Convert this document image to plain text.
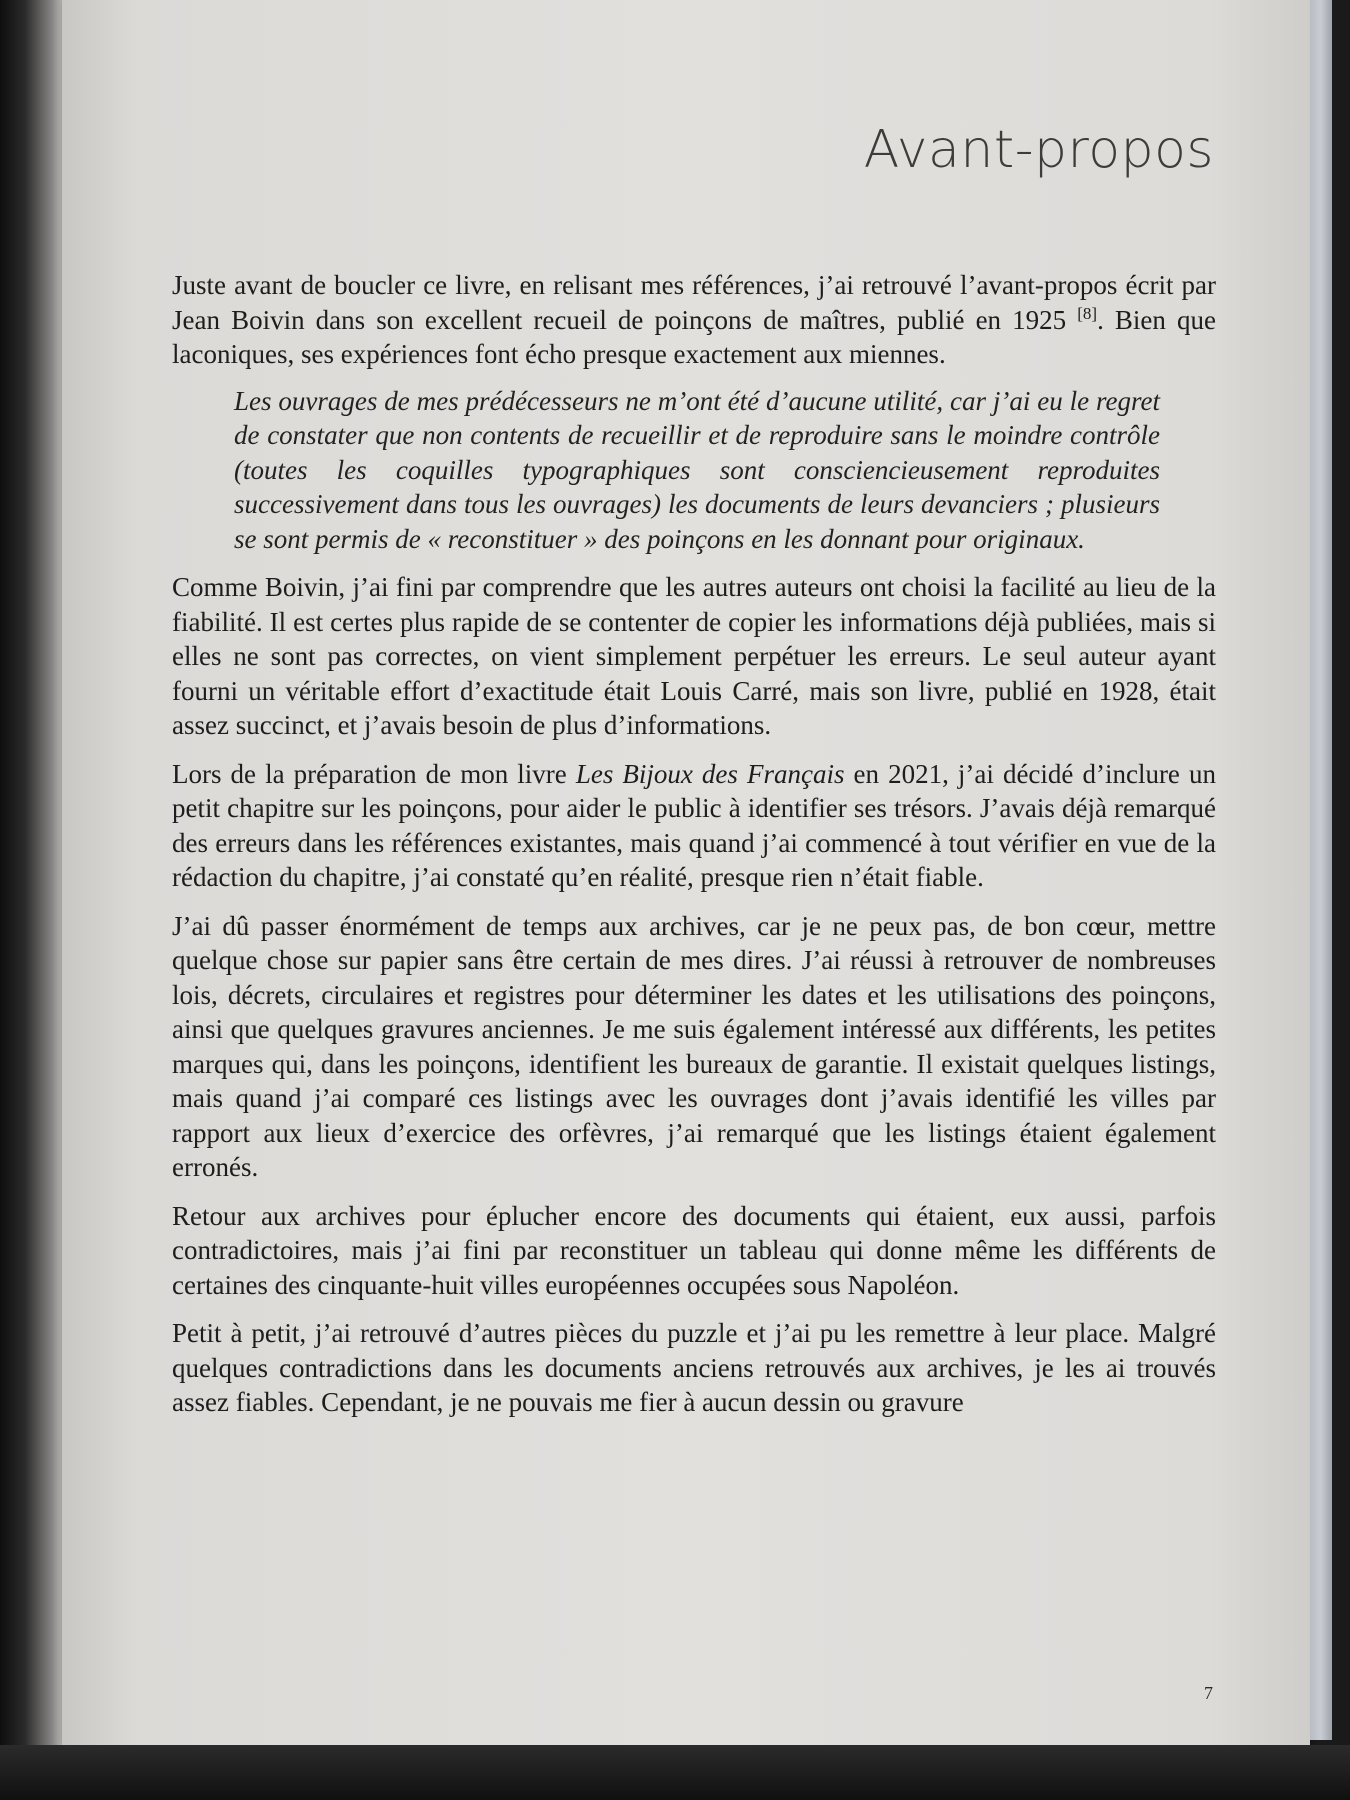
Avant-propos

Juste avant de boucler ce livre, en relisant mes références, j’ai retrouvé l’avant-propos écrit par Jean Boivin dans son excellent recueil de poinçons de maîtres, publié en 1925 [8]. Bien que laconiques, ses expériences font écho presque exactement aux miennes.

Les ouvrages de mes prédécesseurs ne m’ont été d’aucune utilité, car j’ai eu le regret de constater que non contents de recueillir et de reproduire sans le moindre contrôle (toutes les coquilles typographiques sont consciencieusement reproduites successivement dans tous les ouvrages) les documents de leurs devanciers ; plusieurs se sont permis de « reconstituer » des poinçons en les donnant pour originaux.

Comme Boivin, j’ai fini par comprendre que les autres auteurs ont choisi la facilité au lieu de la fiabilité. Il est certes plus rapide de se contenter de copier les informations déjà publiées, mais si elles ne sont pas correctes, on vient simplement perpétuer les erreurs. Le seul auteur ayant fourni un véritable effort d’exactitude était Louis Carré, mais son livre, publié en 1928, était assez succinct, et j’avais besoin de plus d’informations.

Lors de la préparation de mon livre Les Bijoux des Français en 2021, j’ai décidé d’inclure un petit chapitre sur les poinçons, pour aider le public à identifier ses trésors. J’avais déjà remarqué des erreurs dans les références existantes, mais quand j’ai commencé à tout vérifier en vue de la rédaction du chapitre, j’ai constaté qu’en réalité, presque rien n’était fiable.

J’ai dû passer énormément de temps aux archives, car je ne peux pas, de bon cœur, mettre quelque chose sur papier sans être certain de mes dires. J’ai réussi à retrouver de nombreuses lois, décrets, circulaires et registres pour déterminer les dates et les utilisations des poinçons, ainsi que quelques gravures anciennes. Je me suis également intéressé aux différents, les petites marques qui, dans les poinçons, identifient les bureaux de garantie. Il existait quelques listings, mais quand j’ai comparé ces listings avec les ouvrages dont j’avais identifié les villes par rapport aux lieux d’exercice des orfèvres, j’ai remarqué que les listings étaient également erronés.

Retour aux archives pour éplucher encore des documents qui étaient, eux aussi, parfois contradictoires, mais j’ai fini par reconstituer un tableau qui donne même les différents de certaines des cinquante-huit villes européennes occupées sous Napoléon.

Petit à petit, j’ai retrouvé d’autres pièces du puzzle et j’ai pu les remettre à leur place. Malgré quelques contradictions dans les documents anciens retrouvés aux archives, je les ai trouvés assez fiables. Cependant, je ne pouvais me fier à aucun dessin ou gravure

7
